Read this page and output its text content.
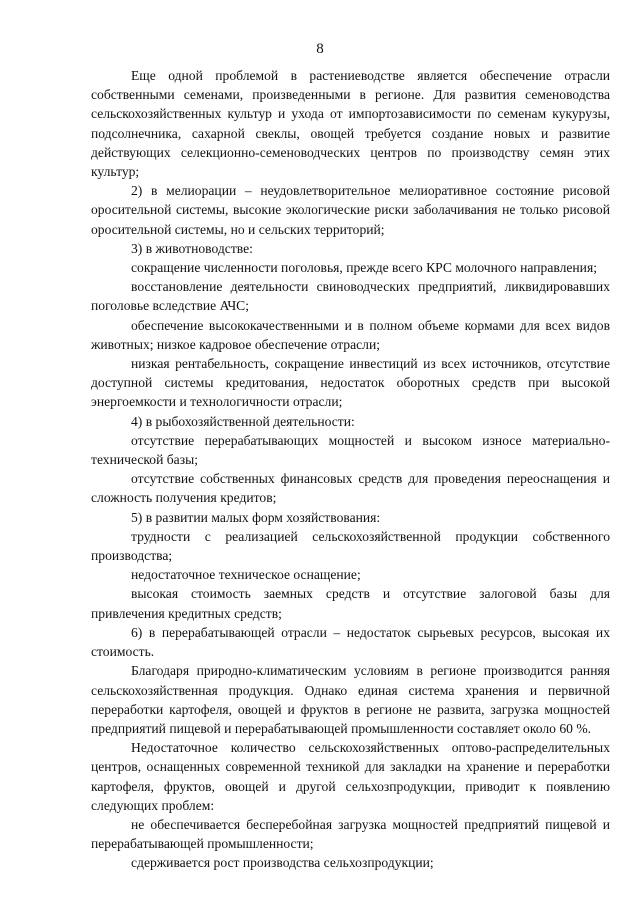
8

Еще одной проблемой в растениеводстве является обеспечение отрасли собственными семенами, произведенными в регионе. Для развития семеноводства сельскохозяйственных культур и ухода от импортозависимости по семенам кукурузы, подсолнечника, сахарной свеклы, овощей требуется создание новых и развитие действующих селекционно-семеноводческих центров по производству семян этих культур;

2) в мелиорации – неудовлетворительное мелиоративное состояние рисовой оросительной системы, высокие экологические риски заболачивания не только рисовой оросительной системы, но и сельских территорий;

3) в животноводстве:

сокращение численности поголовья, прежде всего КРС молочного направления;

восстановление деятельности свиноводческих предприятий, ликвидировавших поголовье вследствие АЧС;

обеспечение высококачественными и в полном объеме кормами для всех видов животных; низкое кадровое обеспечение отрасли;

низкая рентабельность, сокращение инвестиций из всех источников, отсутствие доступной системы кредитования, недостаток оборотных средств при высокой энергоемкости и технологичности отрасли;

4) в рыбохозяйственной деятельности:

отсутствие перерабатывающих мощностей и высоком износе материально-технической базы;

отсутствие собственных финансовых средств для проведения переоснащения и сложность получения кредитов;

5) в развитии малых форм хозяйствования:

трудности с реализацией сельскохозяйственной продукции собственного производства;

недостаточное техническое оснащение;

высокая стоимость заемных средств и отсутствие залоговой базы для привлечения кредитных средств;

6) в перерабатывающей отрасли – недостаток сырьевых ресурсов, высокая их стоимость.

Благодаря природно-климатическим условиям в регионе производится ранняя сельскохозяйственная продукция. Однако единая система хранения и первичной переработки картофеля, овощей и фруктов в регионе не развита, загрузка мощностей предприятий пищевой и перерабатывающей промышленности составляет около 60 %.

Недостаточное количество сельскохозяйственных оптово-распределительных центров, оснащенных современной техникой для закладки на хранение и переработки картофеля, фруктов, овощей и другой сельхозпродукции, приводит к появлению следующих проблем:

не обеспечивается бесперебойная загрузка мощностей предприятий пищевой и перерабатывающей промышленности;

сдерживается рост производства сельхозпродукции;
